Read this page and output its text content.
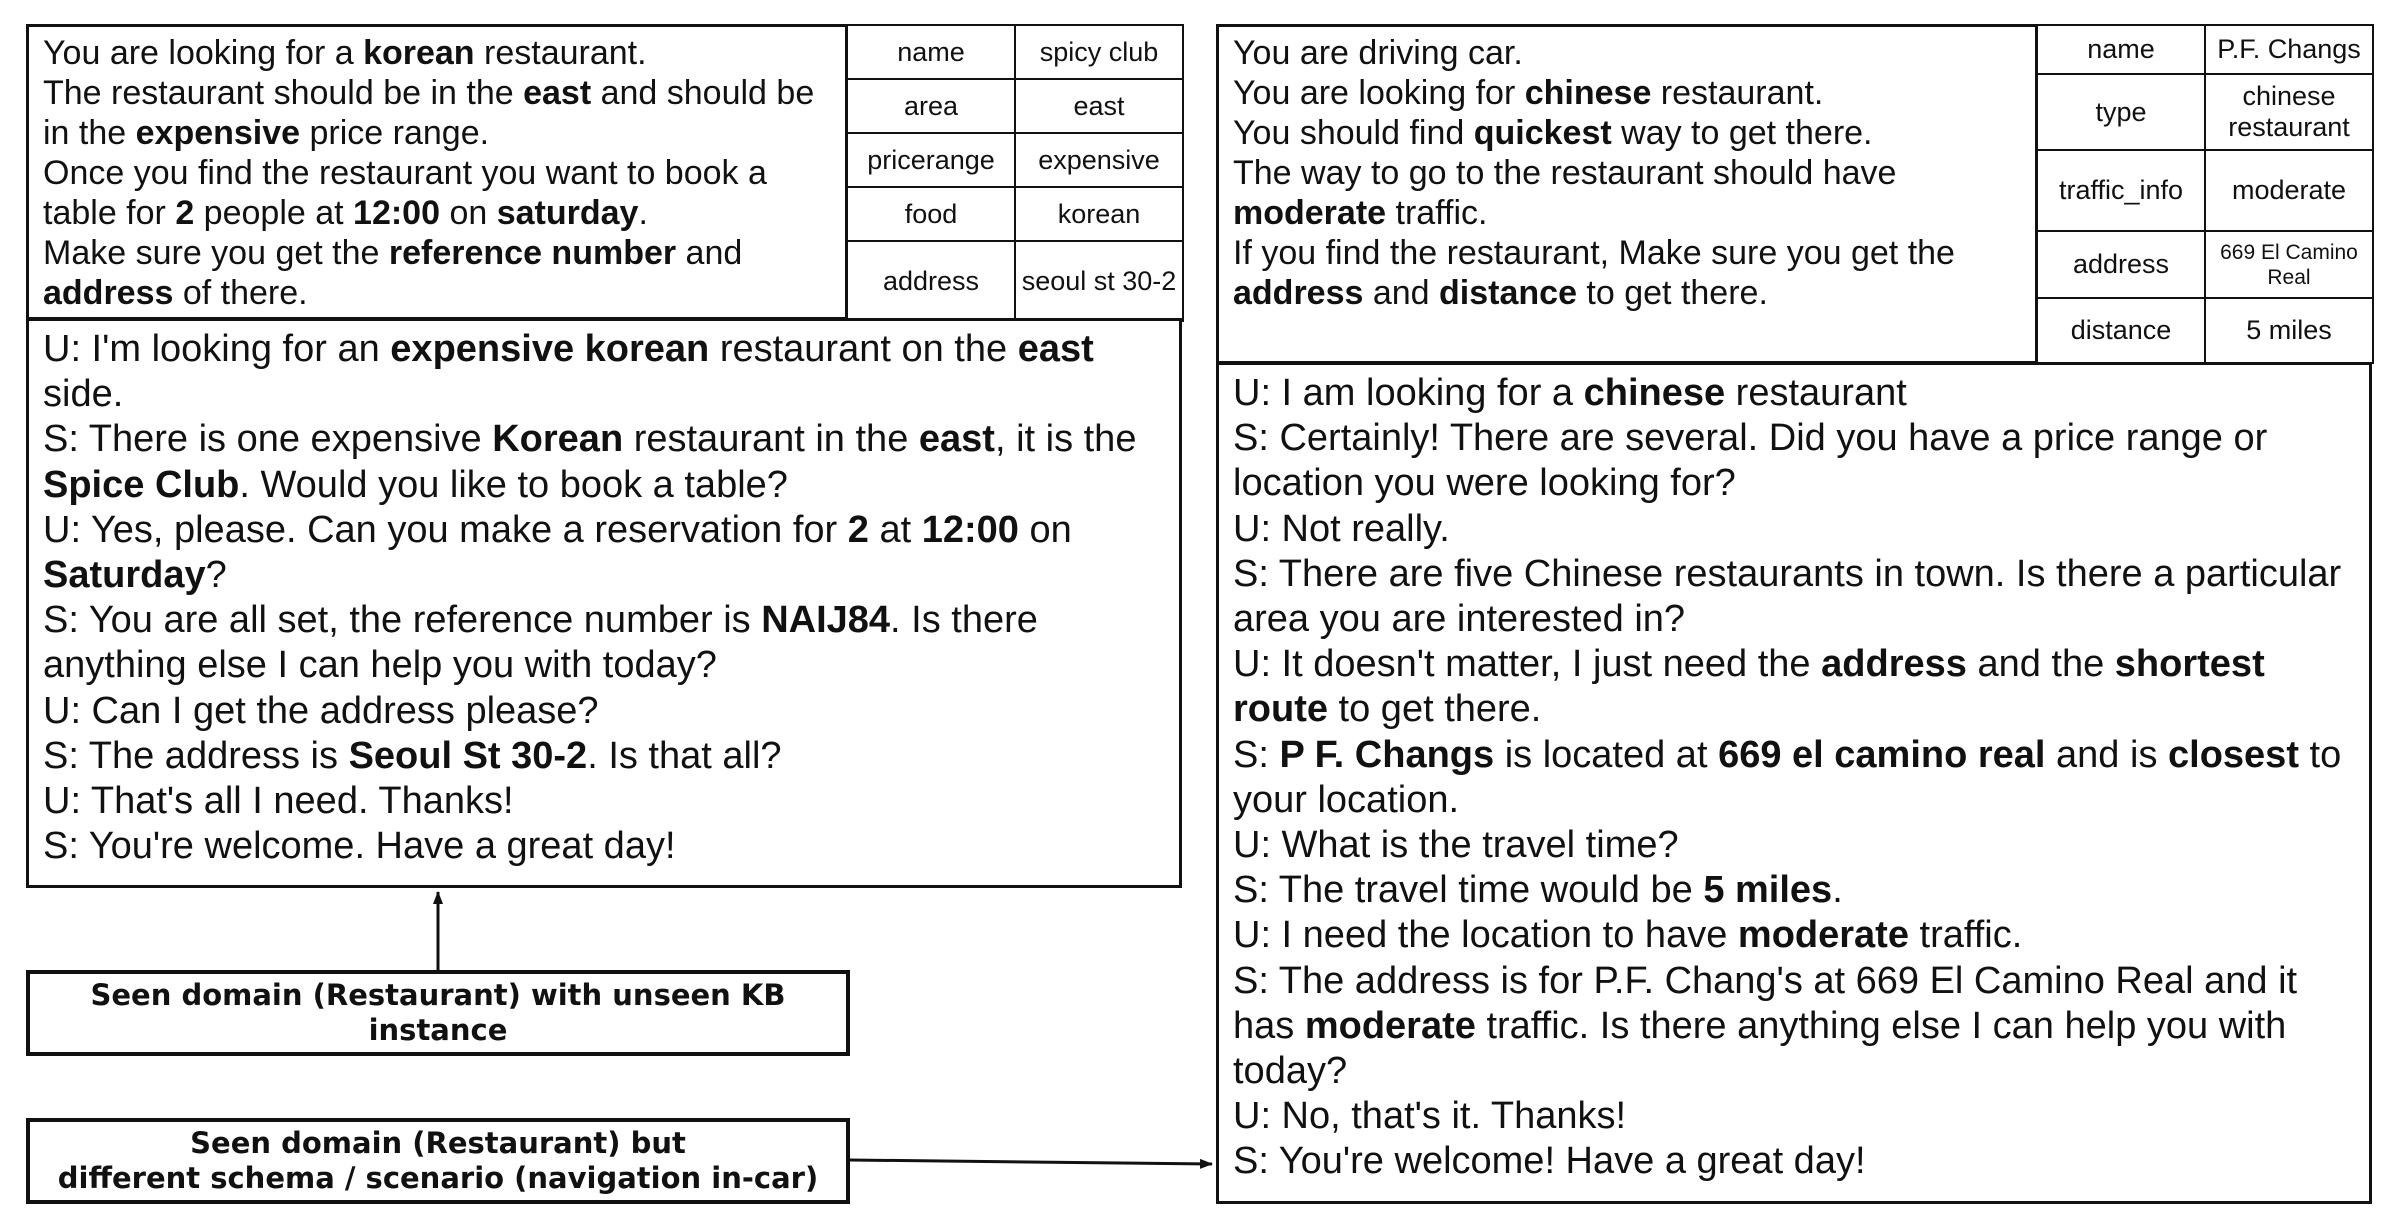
You are looking for a korean restaurant.
The restaurant should be in the east and should be
in the expensive price range.
Once you find the restaurant you want to book a
table for 2 people at 12:00 on saturday.
Make sure you get the reference number and
address of there.
name	spicy club
area	east
pricerange	expensive
food	korean
address	seoul st 30-2
U: I'm looking for an expensive korean restaurant on the east side.
S: There is one expensive Korean restaurant in the east, it is the
Spice Club. Would you like to book a table?
U: Yes, please. Can you make a reservation for 2 at 12:00 on
Saturday?
S: You are all set, the reference number is NAIJ84. Is there
anything else I can help you with today?
U: Can I get the address please?
S: The address is Seoul St 30-2. Is that all?
U: That's all I need. Thanks!
S: You're welcome. Have a great day!
You are driving car.
You are looking for chinese restaurant.
You should find quickest way to get there.
The way to go to the restaurant should have
moderate traffic.
If you find the restaurant, Make sure you get the
address and distance to get there.
name	P.F. Changs
type	chinese restaurant
traffic_info	moderate
address	669 El Camino Real
distance	5 miles
U: I am looking for a chinese restaurant
S: Certainly! There are several. Did you have a price range or
location you were looking for?
U: Not really.
S: There are five Chinese restaurants in town. Is there a particular
area you are interested in?
U: It doesn't matter, I just need the address and the shortest
route to get there.
S: P F. Changs is located at 669 el camino real and is closest to
your location.
U: What is the travel time?
S: The travel time would be 5 miles.
U: I need the location to have moderate traffic.
S: The address is for P.F. Chang's at 669 El Camino Real and it
has moderate traffic. Is there anything else I can help you with
today?
U: No, that's it. Thanks!
S: You're welcome! Have a great day!
Seen domain (Restaurant) with unseen KB instance
Seen domain (Restaurant) but
different schema / scenario (navigation in-car)
